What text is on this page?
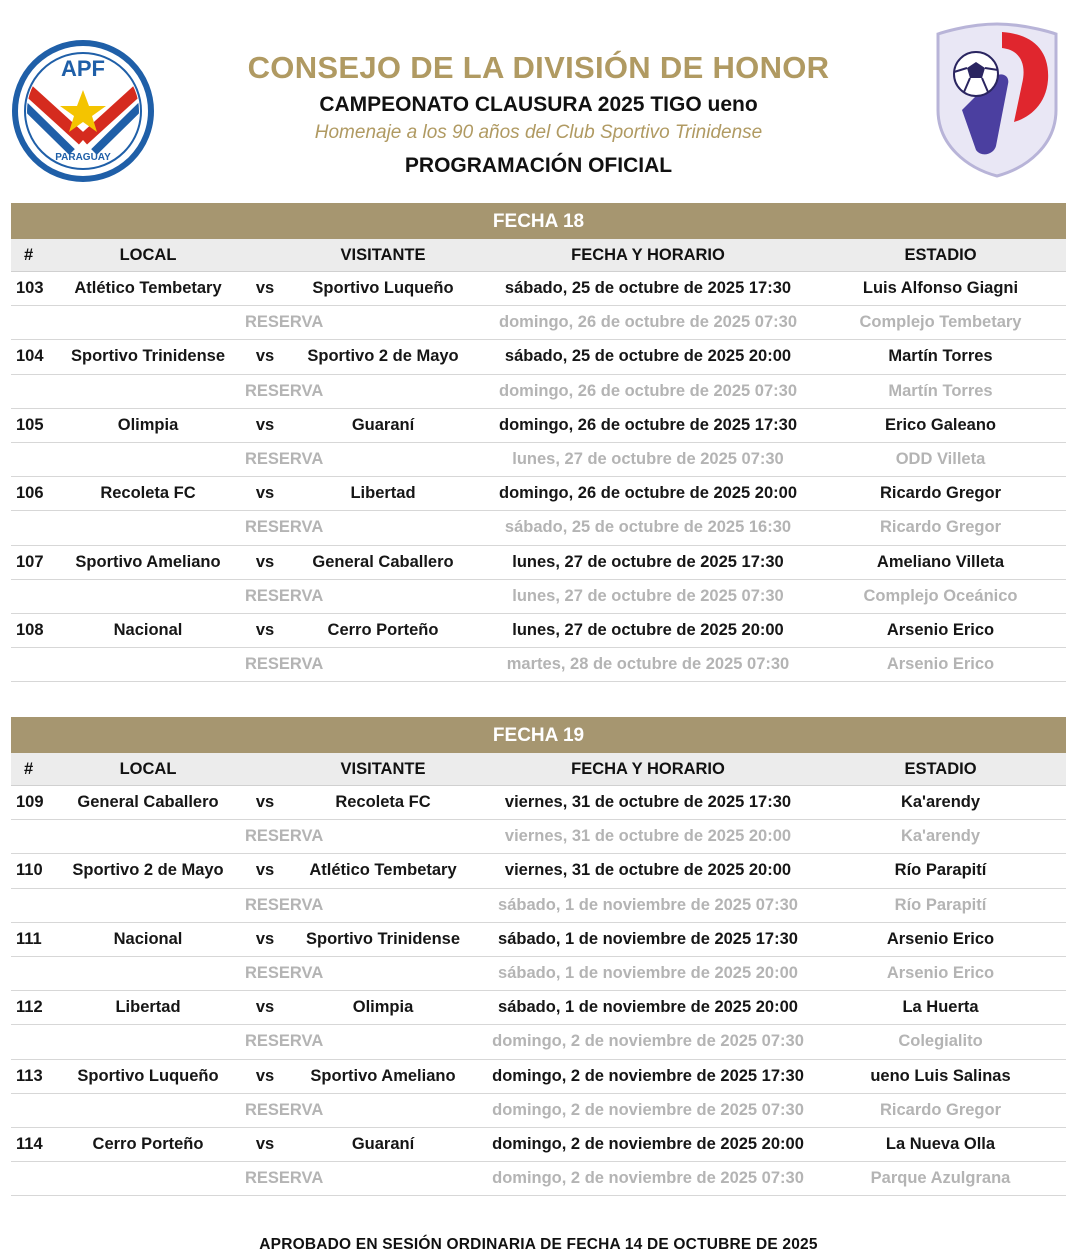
APF
PARAGUAY
CONSEJO DE LA DIVISIÓN DE HONOR
CAMPEONATO CLAUSURA 2025 TIGO ueno
Homenaje a los 90 años del Club Sportivo Trinidense
PROGRAMACIÓN OFICIAL
FECHA 18
#	LOCAL	VISITANTE	FECHA Y HORARIO	ESTADIO
103	Atlético Tembetary	vs	Sportivo Luqueño	sábado, 25 de octubre de 2025 17:30	Luis Alfonso Giagni
RESERVA	domingo, 26 de octubre de 2025 07:30	Complejo Tembetary
104	Sportivo Trinidense	vs	Sportivo 2 de Mayo	sábado, 25 de octubre de 2025 20:00	Martín Torres
RESERVA	domingo, 26 de octubre de 2025 07:30	Martín Torres
105	Olimpia	vs	Guaraní	domingo, 26 de octubre de 2025 17:30	Erico Galeano
RESERVA	lunes, 27 de octubre de 2025 07:30	ODD Villeta
106	Recoleta FC	vs	Libertad	domingo, 26 de octubre de 2025 20:00	Ricardo Gregor
RESERVA	sábado, 25 de octubre de 2025 16:30	Ricardo Gregor
107	Sportivo Ameliano	vs	General Caballero	lunes, 27 de octubre de 2025 17:30	Ameliano Villeta
RESERVA	lunes, 27 de octubre de 2025 07:30	Complejo Oceánico
108	Nacional	vs	Cerro Porteño	lunes, 27 de octubre de 2025 20:00	Arsenio Erico
RESERVA	martes, 28 de octubre de 2025 07:30	Arsenio Erico
FECHA 19
#	LOCAL	VISITANTE	FECHA Y HORARIO	ESTADIO
109	General Caballero	vs	Recoleta FC	viernes, 31 de octubre de 2025 17:30	Ka'arendy
RESERVA	viernes, 31 de octubre de 2025 20:00	Ka'arendy
110	Sportivo 2 de Mayo	vs	Atlético Tembetary	viernes, 31 de octubre de 2025 20:00	Río Parapití
RESERVA	sábado, 1 de noviembre de 2025 07:30	Río Parapití
111	Nacional	vs	Sportivo Trinidense	sábado, 1 de noviembre de 2025 17:30	Arsenio Erico
RESERVA	sábado, 1 de noviembre de 2025 20:00	Arsenio Erico
112	Libertad	vs	Olimpia	sábado, 1 de noviembre de 2025 20:00	La Huerta
RESERVA	domingo, 2 de noviembre de 2025 07:30	Colegialito
113	Sportivo Luqueño	vs	Sportivo Ameliano	domingo, 2 de noviembre de 2025 17:30	ueno Luis Salinas
RESERVA	domingo, 2 de noviembre de 2025 07:30	Ricardo Gregor
114	Cerro Porteño	vs	Guaraní	domingo, 2 de noviembre de 2025 20:00	La Nueva Olla
RESERVA	domingo, 2 de noviembre de 2025 07:30	Parque Azulgrana
APROBADO EN SESIÓN ORDINARIA DE FECHA 14 DE OCTUBRE DE 2025
